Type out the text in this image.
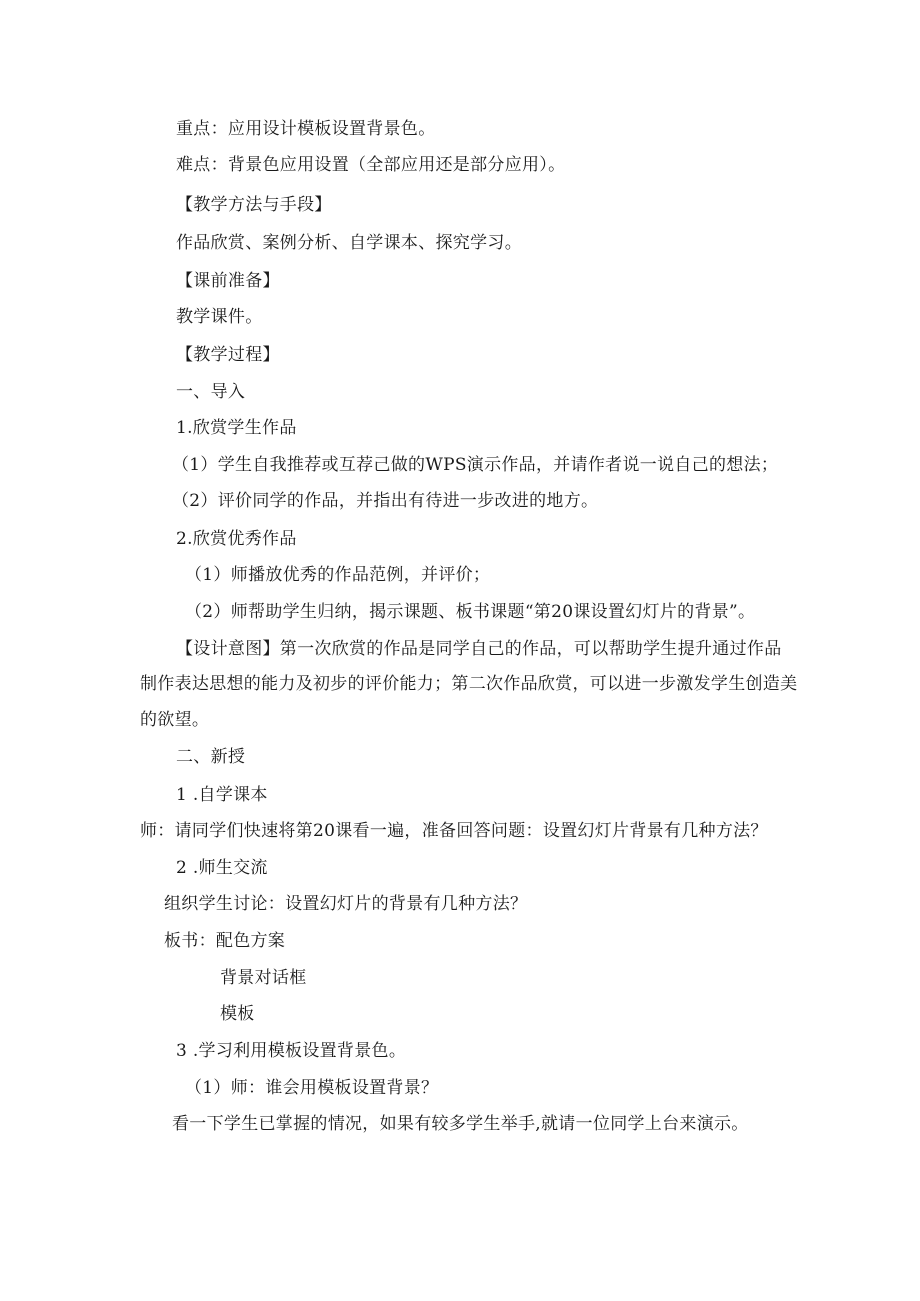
重点：应用设计模板设置背景色。
难点：背景色应用设置（全部应用还是部分应用）。
【教学方法与手段】
作品欣赏、案例分析、自学课本、探究学习。
【课前准备】
教学课件。
【教学过程】
一、导入
1.欣赏学生作品
（1）学生自我推荐或互荐己做的WPS演示作品，并请作者说一说自己的想法；
（2）评价同学的作品，并指出有待进一步改进的地方。
2.欣赏优秀作品
（1）师播放优秀的作品范例，并评价；
（2）师帮助学生归纳，揭示课题、板书课题“第20课设置幻灯片的背景”。
【设计意图】第一次欣赏的作品是同学自己的作品，可以帮助学生提升通过作品
制作表达思想的能力及初步的评价能力；第二次作品欣赏，可以进一步激发学生创造美
的欲望。
二、新授
1 .自学课本
师：请同学们快速将第20课看一遍，准备回答问题：设置幻灯片背景有几种方法？
2 .师生交流
组织学生讨论：设置幻灯片的背景有几种方法？
板书：配色方案
背景对话框
模板
3 .学习利用模板设置背景色。
（1）师：谁会用模板设置背景？
看一下学生已掌握的情况，如果有较多学生举手,就请一位同学上台来演示。
